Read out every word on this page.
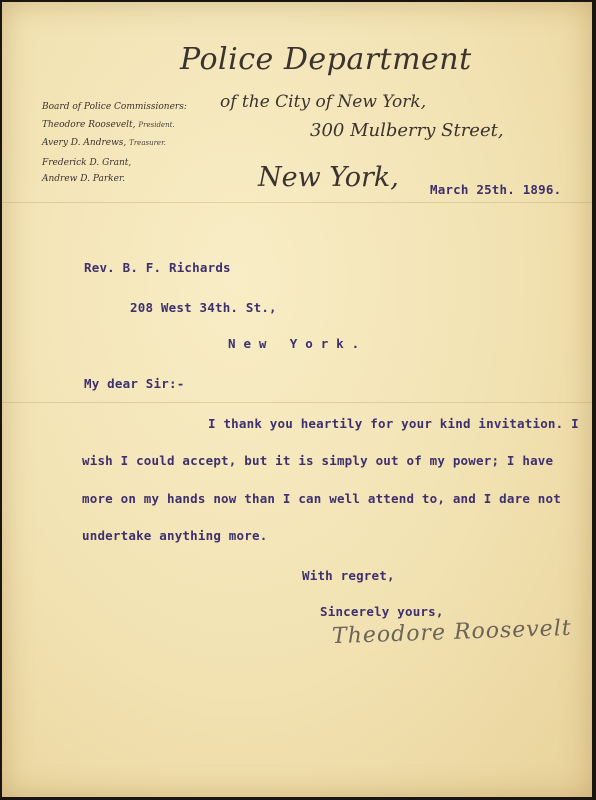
Police Department
of the City of New York,
300 Mulberry Street,
New York,
Board of Police Commissioners:
Theodore Roosevelt, President.
Avery D. Andrews, Treasurer.
Frederick D. Grant,
Andrew D. Parker.
March 25th. 1896.
Rev. B. F. Richards
208 West 34th. St.,
N e w   Y o r k .
My dear Sir:-
I thank you heartily for your kind invitation. I
wish I could accept, but it is simply out of my power; I have
more on my hands now than I can well attend to, and I dare not
undertake anything more.
With regret,
Sincerely yours,
Theodore Roosevelt
